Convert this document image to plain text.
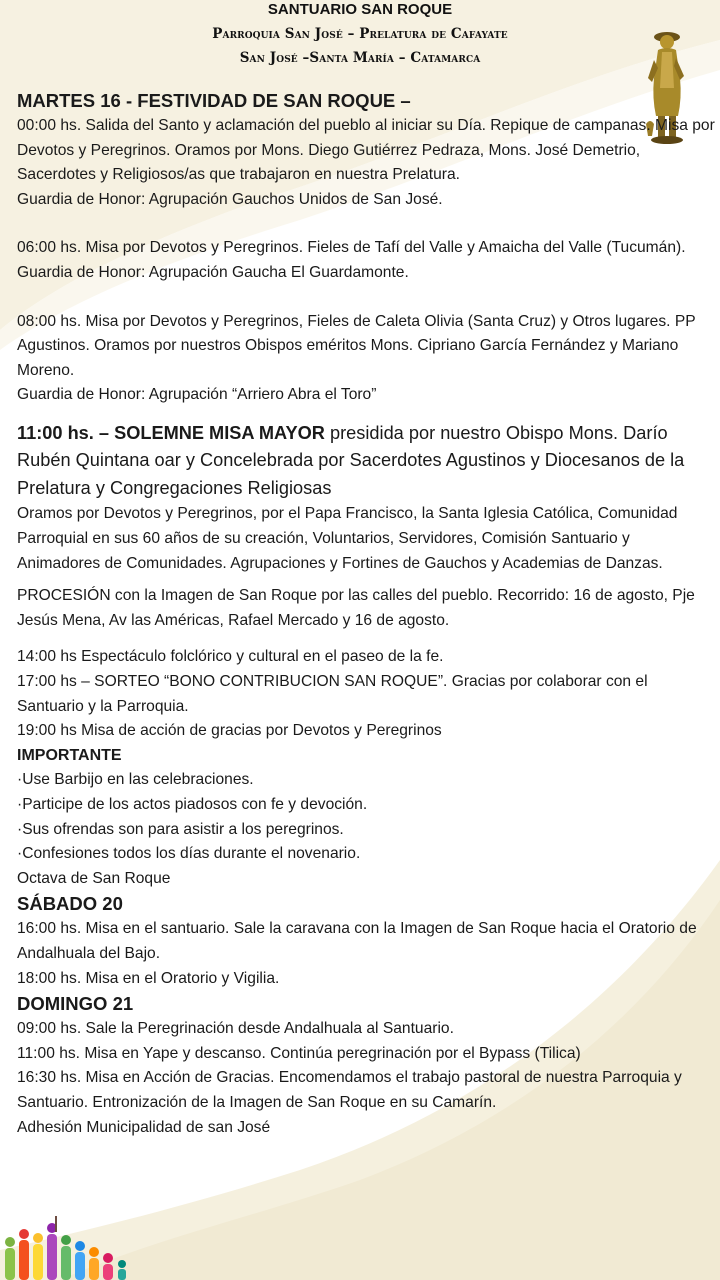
SANTUARIO SAN ROQUE
Parroquia San José – Prelatura de Cafayate
San José –Santa María – Catamarca

MARTES 16 - FESTIVIDAD DE SAN ROQUE –

00:00 hs. Salida del Santo y aclamación del pueblo al iniciar su Día. Repique de campanas. Misa por Devotos y Peregrinos. Oramos por Mons. Diego Gutiérrez Pedraza, Mons. José Demetrio, Sacerdotes y Religiosos/as que trabajaron en nuestra Prelatura.

Guardia de Honor: Agrupación Gauchos Unidos de San José.

06:00 hs. Misa por Devotos y Peregrinos. Fieles de Tafí del Valle y Amaicha del Valle (Tucumán).

Guardia de Honor: Agrupación Gaucha El Guardamonte.

08:00 hs. Misa por Devotos y Peregrinos, Fieles de Caleta Olivia (Santa Cruz) y Otros lugares. PP Agustinos. Oramos por nuestros Obispos eméritos Mons. Cipriano García Fernández y Mariano Moreno.

Guardia de Honor: Agrupación “Arriero Abra el Toro”

11:00 hs. – SOLEMNE MISA MAYOR presidida por nuestro Obispo Mons. Darío Rubén Quintana oar y Concelebrada por Sacerdotes Agustinos y Diocesanos de la Prelatura y Congregaciones Religiosas

Oramos por Devotos y Peregrinos, por el Papa Francisco, la Santa Iglesia Católica, Comunidad Parroquial en sus 60 años de su creación, Voluntarios, Servidores, Comisión Santuario y Animadores de Comunidades. Agrupaciones y Fortines de Gauchos y Academias de Danzas.

PROCESIÓN con la Imagen de San Roque por las calles del pueblo. Recorrido: 16 de agosto, Pje Jesús Mena, Av las Américas, Rafael Mercado y 16 de agosto.

14:00 hs Espectáculo folclórico y cultural en el paseo de la fe.

17:00 hs – SORTEO “BONO CONTRIBUCION SAN ROQUE”. Gracias por colaborar con el Santuario y la Parroquia.

19:00 hs Misa de acción de gracias por Devotos y Peregrinos

IMPORTANTE

·Use Barbijo en las celebraciones.

·Participe de los actos piadosos con fe y devoción.

·Sus ofrendas son para asistir a los peregrinos.

·Confesiones todos los días durante el novenario.

Octava de San Roque

SÁBADO 20

16:00 hs. Misa en el santuario. Sale la caravana con la Imagen de San Roque hacia el Oratorio de Andalhuala del Bajo.

18:00 hs. Misa en el Oratorio y Vigilia.

DOMINGO 21

09:00 hs. Sale la Peregrinación desde Andalhuala al Santuario.

11:00 hs. Misa en Yape y descanso. Continúa peregrinación por el Bypass (Tilica)

16:30 hs. Misa en Acción de Gracias. Encomendamos el trabajo pastoral de nuestra Parroquia y Santuario. Entronización de la Imagen de San Roque en su Camarín.

Adhesión Municipalidad de san José
